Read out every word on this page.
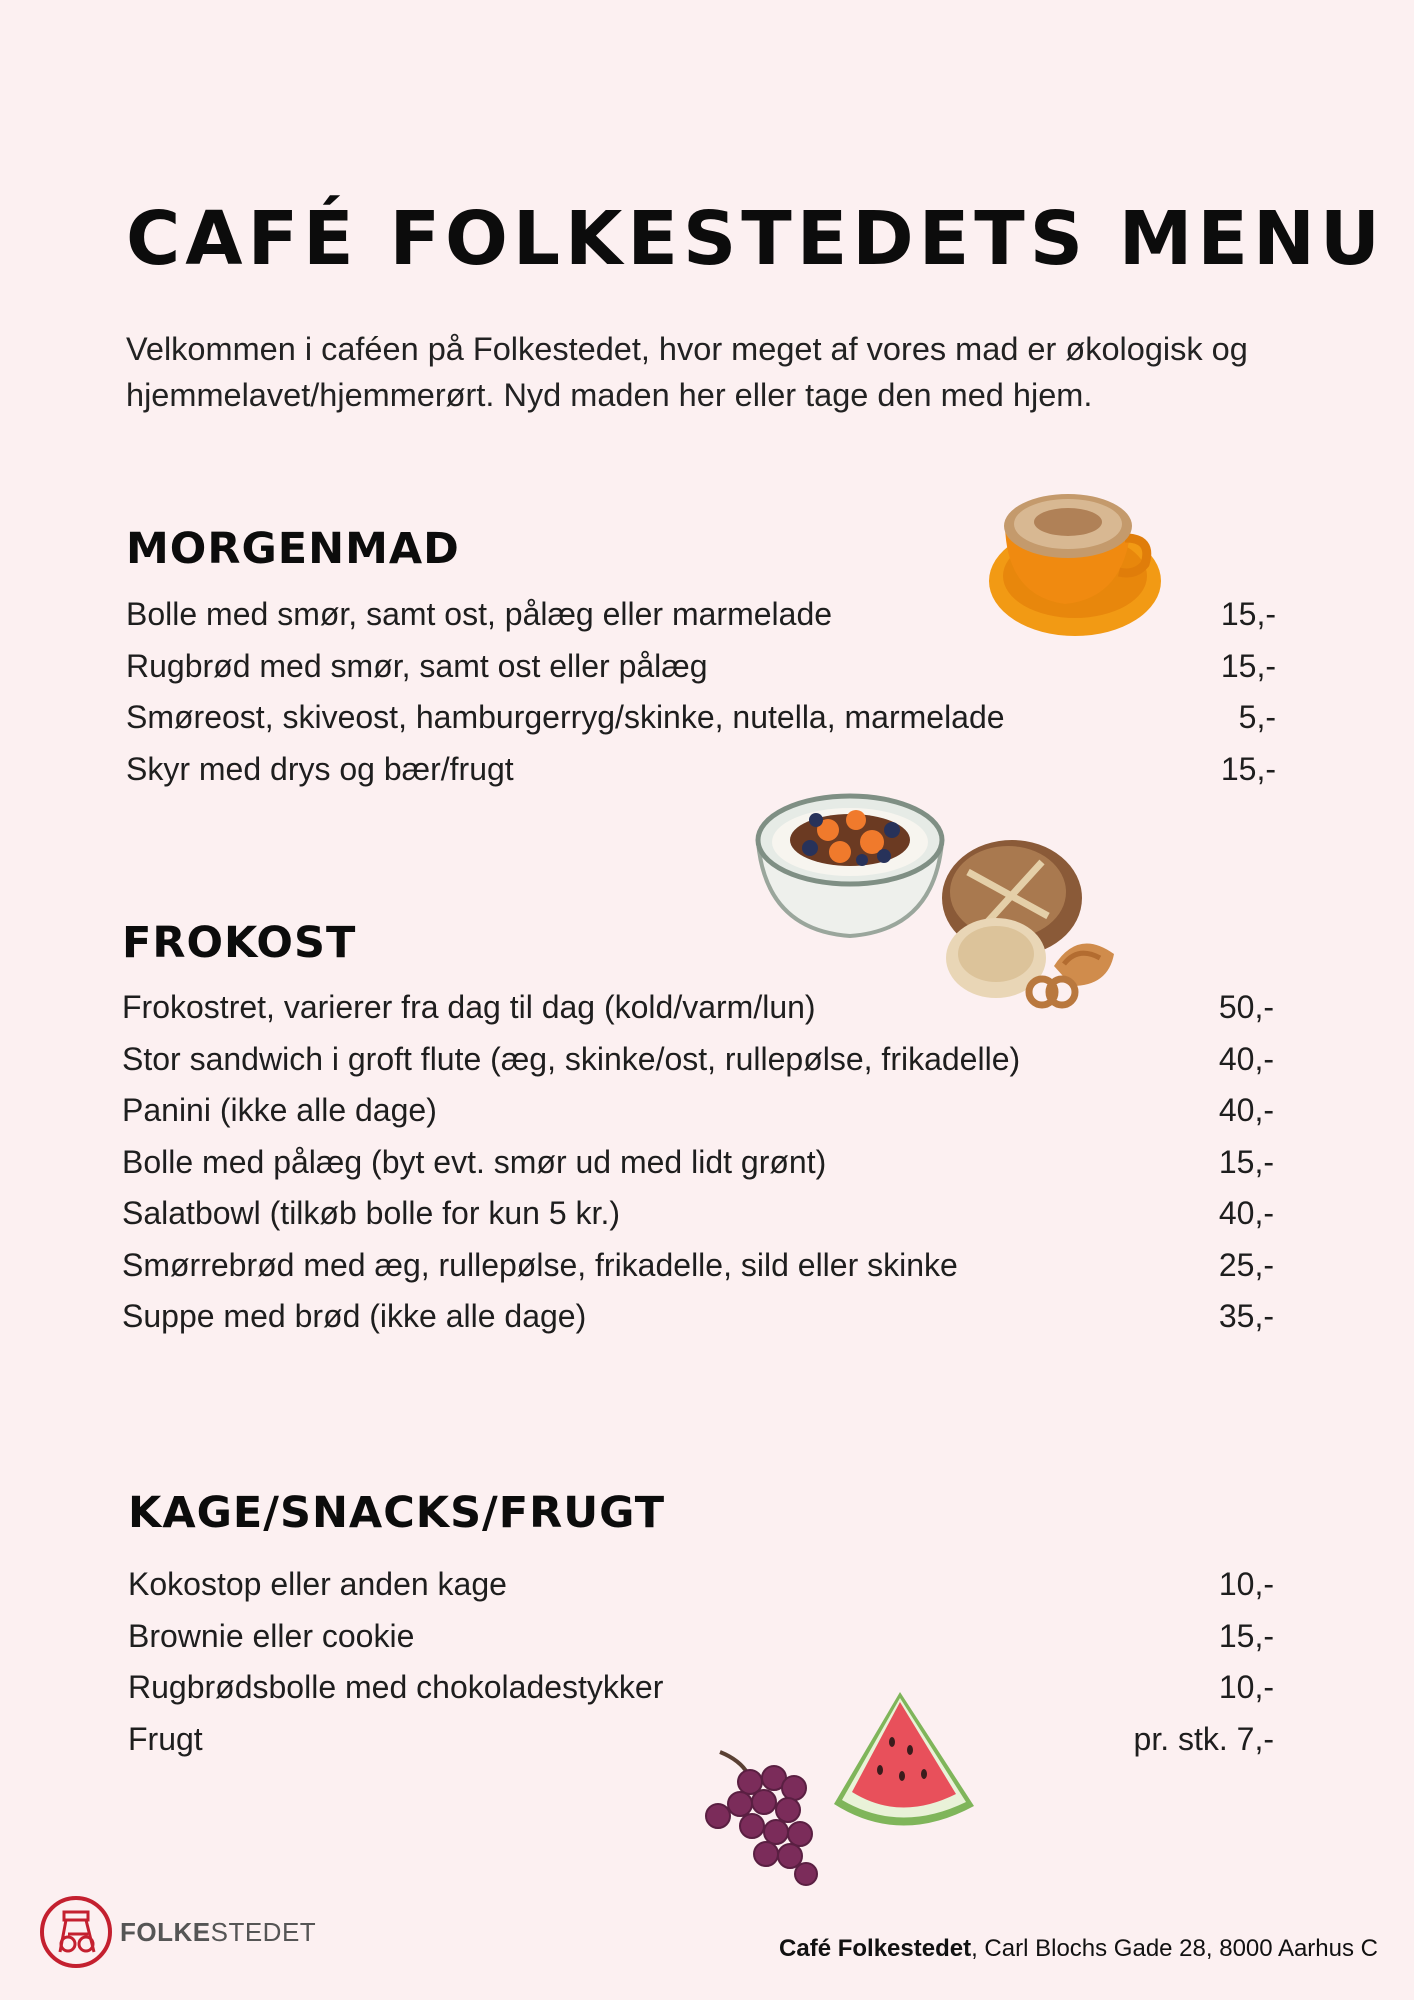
CAFÉ FOLKESTEDETS MENU

Velkommen i caféen på Folkestedet, hvor meget af vores mad er økologisk og hjemmelavet/hjemmerørt. Nyd maden her eller tage den med hjem.

MORGENMAD
Bolle med smør, samt ost, pålæg eller marmelade	15,-
Rugbrød med smør, samt ost eller pålæg	15,-
Smøreost, skiveost, hamburgerryg/skinke, nutella, marmelade	5,-
Skyr med drys og bær/frugt	15,-
FROKOST
Frokostret, varierer fra dag til dag (kold/varm/lun)	50,-
Stor sandwich i groft flute (æg, skinke/ost, rullepølse, frikadelle)	40,-
Panini (ikke alle dage)	40,-
Bolle med pålæg (byt evt. smør ud med lidt grønt)	15,-
Salatbowl (tilkøb bolle for kun 5 kr.)	40,-
Smørrebrød med æg, rullepølse, frikadelle, sild eller skinke	25,-
Suppe med brød (ikke alle dage)	35,-
KAGE/SNACKS/FRUGT
Kokostop eller anden kage	10,-
Brownie eller cookie	15,-
Rugbrødsbolle med chokoladestykker	10,-
Frugt	pr. stk. 7,-
FOLKESTEDET
Café Folkestedet, Carl Blochs Gade 28, 8000 Aarhus C
